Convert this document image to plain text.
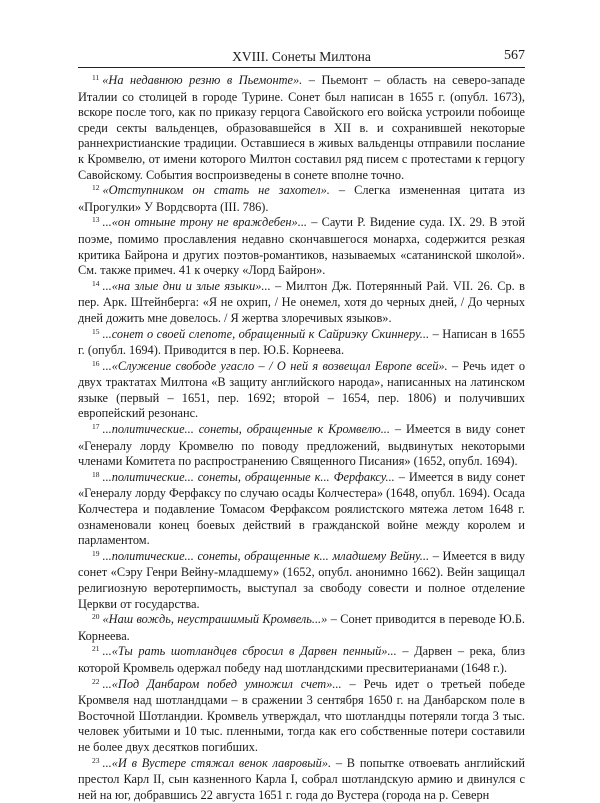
XVIII. Сонеты Милтона	567

$^{11}$ «На недавнюю резню в Пьемонте». – Пьемонт – область на северо-западе Италии со столицей в городе Турине. Сонет был написан в 1655 г. (опубл. 1673), вскоре после того, как по приказу герцога Савойского его войска устроили побоище среди секты вальденцев, образовавшейся в XII в. и сохранившей некоторые раннехристианские традиции. Оставшиеся в живых вальденцы отправили послание к Кромвелю, от имени которого Милтон составил ряд писем с протестами к герцогу Савойскому. События воспроизведены в сонете вполне точно.

$^{12}$ «Отступником он стать не захотел». – Слегка измененная цитата из «Прогулки» У Вордсворта (III. 786).

$^{13}$ ...«он отныне трону не враждебен»... – Саути Р. Видение суда. IX. 29. В этой поэме, помимо прославления недавно скончавшегося монарха, содержится резкая критика Байрона и других поэтов-романтиков, называемых «сатанинской школой». См. также примеч. 41 к очерку «Лорд Байрон».

$^{14}$ ...«на злые дни и злые языки»... – Милтон Дж. Потерянный Рай. VII. 26. Ср. в пер. Арк. Штейнберга: «Я не охрип, / Не онемел, хотя до черных дней, / До черных дней дожить мне довелось. / Я жертва злоречивых языков».

$^{15}$ ...сонет о своей слепоте, обращенный к Сайриэку Скиннеру... – Написан в 1655 г. (опубл. 1694). Приводится в пер. Ю.Б. Корнеева.

$^{16}$ ...«Служение свободе угасло – / О ней я возвещал Европе всей». – Речь идет о двух трактатах Милтона «В защиту английского народа», написанных на латинском языке (первый – 1651, пер. 1692; второй – 1654, пер. 1806) и получившиx европейский резонанс.

$^{17}$ ...политические... сонеты, обращенные к Кромвелю... – Имеется в виду сонет «Генералу лорду Кромвелю по поводу предложений, выдвинутых некоторыми членами Комитета по распространению Священного Писания» (1652, опубл. 1694).

$^{18}$ ...политические... сонеты, обращенные к... Ферфаксу... – Имеется в виду сонет «Генералу лорду Ферфаксу по случаю осады Колчестера» (1648, опубл. 1694). Осада Колчестера и подавление Томасом Ферфаксом роялистского мятежа летом 1648 г. ознаменовали конец боевых действий в гражданской войне между королем и парламентом.

$^{19}$ ...политические... сонеты, обращенные к... младшему Вейну... – Имеется в виду сонет «Сэру Генри Вейну-младшему» (1652, опубл. анонимно 1662). Вейн защищал религиозную веротерпимость, выступал за свободу совести и полное отделение Церкви от государства.

$^{20}$ «Наш вождь, неустрашимый Кромвель...» – Сонет приводится в переводе Ю.Б. Корнеева.

$^{21}$ ...«Ты рать шотландцев сбросил в Дарвен пенный»... – Дарвен – река, близ которой Кромвель одержал победу над шотландскими пресвитерианами (1648 г.).

$^{22}$ ...«Под Данбаром побед умножил счет»... – Речь идет о третьей победе Кромвеля над шотландцами – в сражении 3 сентября 1650 г. на Данбарском поле в Восточной Шотландии. Кромвель утверждал, что шотландцы потеряли тогда 3 тыс. человек убитыми и 10 тыс. пленными, тогда как его собственные потери составили не более двух десятков погибших.

$^{23}$ ...«И в Вустере стяжал венок лавровый». – В попытке отвоевать английский престол Карл II, сын казненного Карла I, собрал шотландскую армию и двинулся с ней на юг, добравшись 22 августа 1651 г. года до Вустера (города на р. Северн
